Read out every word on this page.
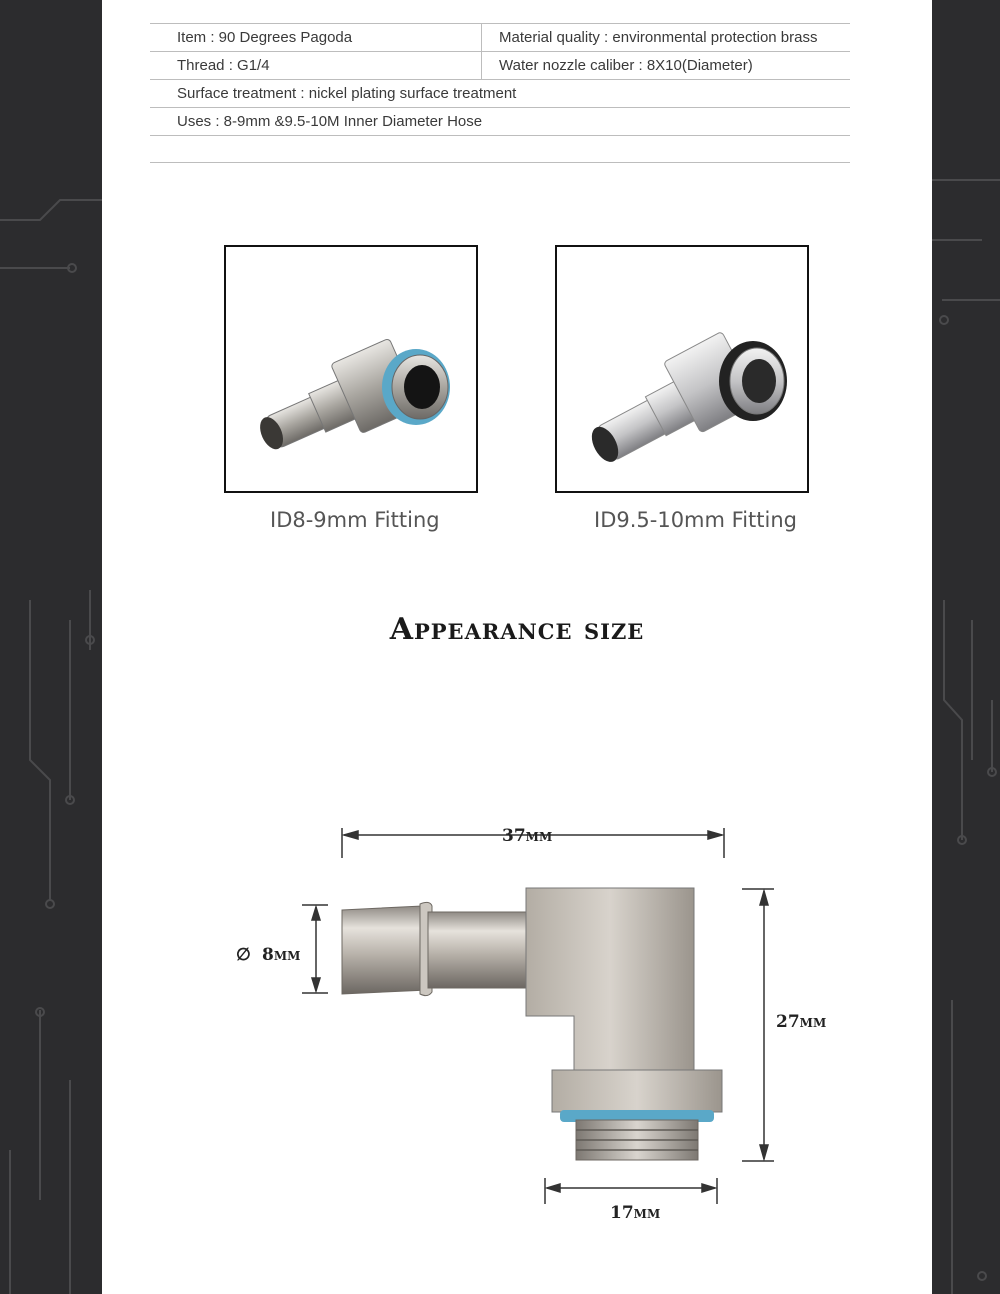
Item : 90 Degrees Pagoda	Material quality : environmental protection brass
Thread : G1/4	Water nozzle caliber : 8X10(Diameter)
Surface treatment : nickel plating surface treatment
Uses : 8-9mm &9.5-10M Inner Diameter Hose
ID8-9mm Fitting	ID9.5-10mm Fitting
Appearance size
37mm
∅ 8mm
27mm
17mm
